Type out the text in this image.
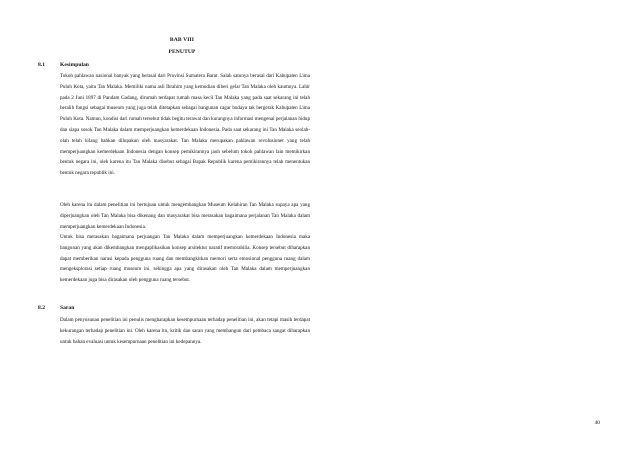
BAB VIII
PENUTUP
8.1	Kesimpulan
Tokoh pahlawan nasional banyak yang berasal dari Provinsi Sumatera Barat. Salah satunya berasal dari Kabupaten Lima Puluh Kota, yaitu Tan Malaka. Memiliki nama asli Ibrahim yang kemudian diberi gelar Tan Malaka oleh kaumnya. Lahir pada 2 Juni 1897 di Pandam Gadang, dirumah terdapat rumah masa kecil Tan Malaka yang pada saat sekarang ini telah beralih fungsi sebagai museum yang juga telah ditetapkan sebagai bangunan cagar budaya tak bergerak Kabupaten Lima Puluh Kota. Namun, kondisi dari rumah tersebut tidak begitu terawat dan kurangnya informasi mengenai perjalanan hidup dan siapa sosok Tan Malaka dalam memperjuangkan kemerdekaan Indonesia. Pada saat sekarang ini Tan Malaka seolah-olah telah hilang bahkan dilupakan oleh masyarakat. Tan Malaka merupakan pahlawan revolusioner yang telah memperjuangkan kemerdekaan Indonesia dengan konsep pemikirannya jauh sebelum tokoh pahlawan lain memikirkan bentuk negara ini, oleh karena itu Tan Malaka disebut sebagai Bapak Republik karena pemikirannya telah menentukan bentuk negara republik ini.
Oleh karena itu dalam penelitian ini bertujuan untuk mengembangkan Museum Kelahiran Tan Malaka supaya apa yang diperjuangkan oleh Tan Malaka bisa dikenang dan masyarakat bisa merasakan bagaimana perjalanan Tan Malaka dalam memperjuangkan kemerdekaan Indonesia.
Untuk bisa merasakan bagaimana perjuangan Tan Malaka dalam memperjuangkan kemerdekaan Indonesia maka bangunan yang akan dikembangkan mengaplikasikan konsep arsitektur naratif memorabilia. Konsep tersebut diharapkan dapat memberikan narasi kepada pengguna ruang dan membangkitkan memori serta emosional pengguna ruang dalam mengeksplorasi setiap ruang museum ini, sehingga apa yang dirasakan oleh Tan Malaka dalam memperjuangkan kemerdekaan juga bisa dirasakan oleh pengguna ruang tersebut.
8.2	Saran
Dalam penyusunan penelitian ini penulis mengharapkan kesempurnaan terhadap penelitian ini, akan tetapi masih terdapat kekurangan terhadap penelitian ini. Oleh karena itu, kritik dan saran yang membangun dari pembaca sangat diharapkan untuk bahan evaluasi untuk kesempurnaan penelitian ini kedepannya.
40
